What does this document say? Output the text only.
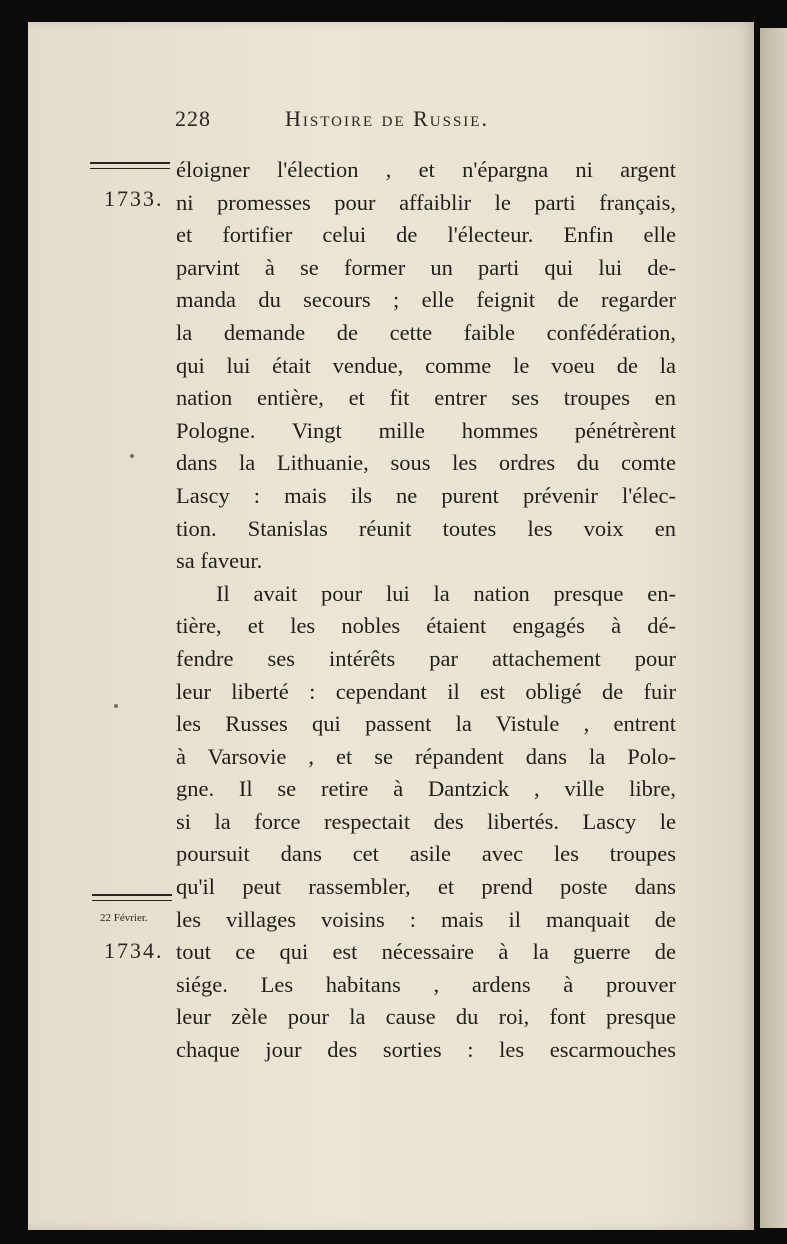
228	Histoire de Russie.
1733.
22 Février.
1734.
éloigner l'élection , et n'épargna ni argent
ni promesses pour affaiblir le parti français,
et fortifier celui de l'électeur. Enfin elle
parvint à se former un parti qui lui de-
manda du secours ; elle feignit de regarder
la demande de cette faible confédération,
qui lui était vendue, comme le voeu de la
nation entière, et fit entrer ses troupes en
Pologne. Vingt mille hommes pénétrèrent
dans la Lithuanie, sous les ordres du comte
Lascy : mais ils ne purent prévenir l'élec-
tion. Stanislas réunit toutes les voix en
sa faveur.
Il avait pour lui la nation presque en-
tière, et les nobles étaient engagés à dé-
fendre ses intérêts par attachement pour
leur liberté : cependant il est obligé de fuir
les Russes qui passent la Vistule , entrent
à Varsovie , et se répandent dans la Polo-
gne. Il se retire à Dantzick , ville libre,
si la force respectait des libertés. Lascy le
poursuit dans cet asile avec les troupes
qu'il peut rassembler, et prend poste dans
les villages voisins : mais il manquait de
tout ce qui est nécessaire à la guerre de
siége. Les habitans , ardens à prouver
leur zèle pour la cause du roi, font presque
chaque jour des sorties : les escarmouches
